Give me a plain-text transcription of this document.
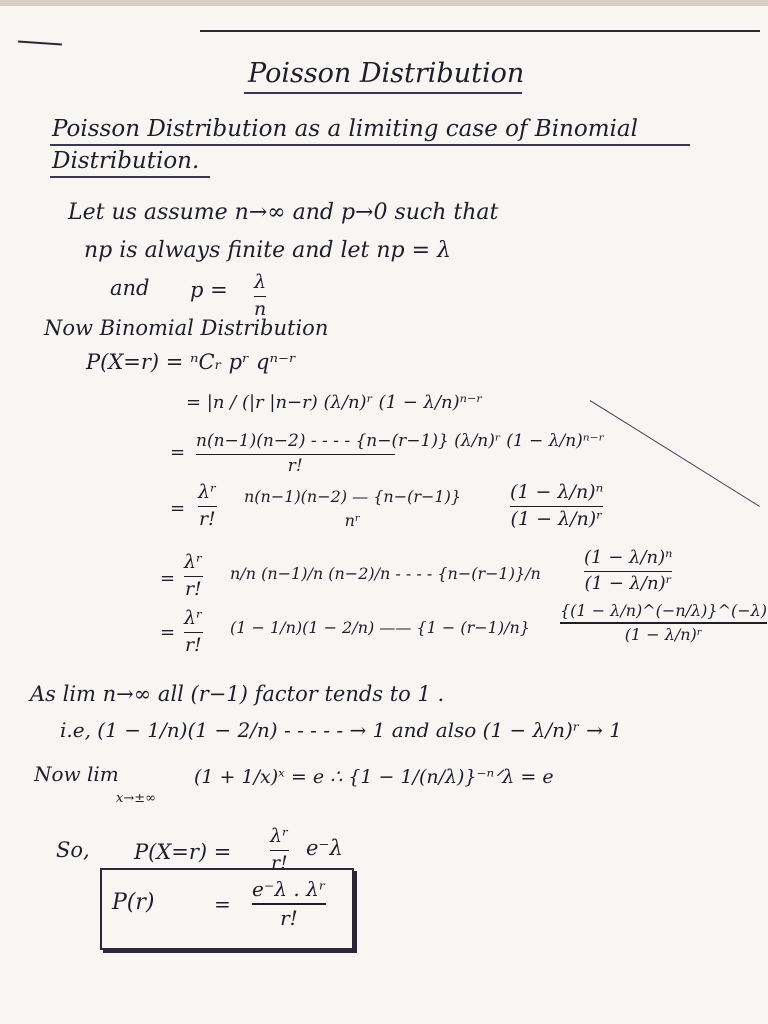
Poisson Distribution
Poisson Distribution as a limiting case of Binomial
Distribution.
Let us assume n→∞ and p→0 such that
np is always finite and let np = λ
and p = λ
n
Now Binomial Distribution
P(X=r) = ⁿCᵣ pʳ qⁿ⁻ʳ
= |n / (|r |n−r) (λ/n)ʳ (1 − λ/n)ⁿ⁻ʳ
=
n(n−1)(n−2) - - - - {n−(r−1)} (λ/n)ʳ (1 − λ/n)ⁿ⁻ʳ
r!
=
λʳ
r!
n(n−1)(n−2) — {n−(r−1)}
nʳ
(1 − λ/n)ⁿ
(1 − λ/n)ʳ
=
λʳ
r!
n/n (n−1)/n (n−2)/n - - - - {n−(r−1)}/n
(1 − λ/n)ⁿ
(1 − λ/n)ʳ
=
λʳ
r!
(1 − 1/n)(1 − 2/n) —— {1 − (r−1)/n}
{(1 − λ/n)^(−n/λ)}^(−λ)
(1 − λ/n)ʳ
As lim n→∞ all (r−1) factor tends to 1 .
i.e, (1 − 1/n)(1 − 2/n) - - - - - → 1 and also (1 − λ/n)ʳ → 1
Now lim
x→±∞
(1 + 1/x)ˣ = e ∴ {1 − 1/(n/λ)}⁻ⁿᐟλ = e
So, P(X=r) =
λʳ
r!
e⁻λ
P(r)	=
e⁻λ . λʳ
r!
